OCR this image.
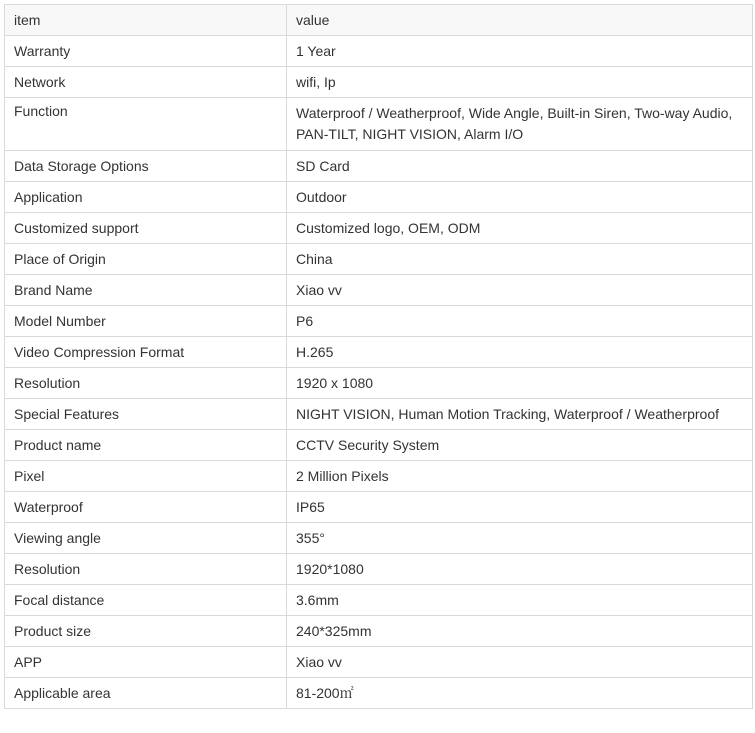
item	value
Warranty	1 Year
Network	wifi, Ip
Function	Waterproof / Weatherproof, Wide Angle, Built-in Siren, Two-way Audio, PAN-TILT, NIGHT VISION, Alarm I/O
Data Storage Options	SD Card
Application	Outdoor
Customized support	Customized logo, OEM, ODM
Place of Origin	China
Brand Name	Xiao vv
Model Number	P6
Video Compression Format	H.265
Resolution	1920 x 1080
Special Features	NIGHT VISION, Human Motion Tracking, Waterproof / Weatherproof
Product name	CCTV Security System
Pixel	2 Million Pixels
Waterproof	IP65
Viewing angle	355°
Resolution	1920*1080
Focal distance	3.6mm
Product size	240*325mm
APP	Xiao vv
Applicable area	81-200㎡
